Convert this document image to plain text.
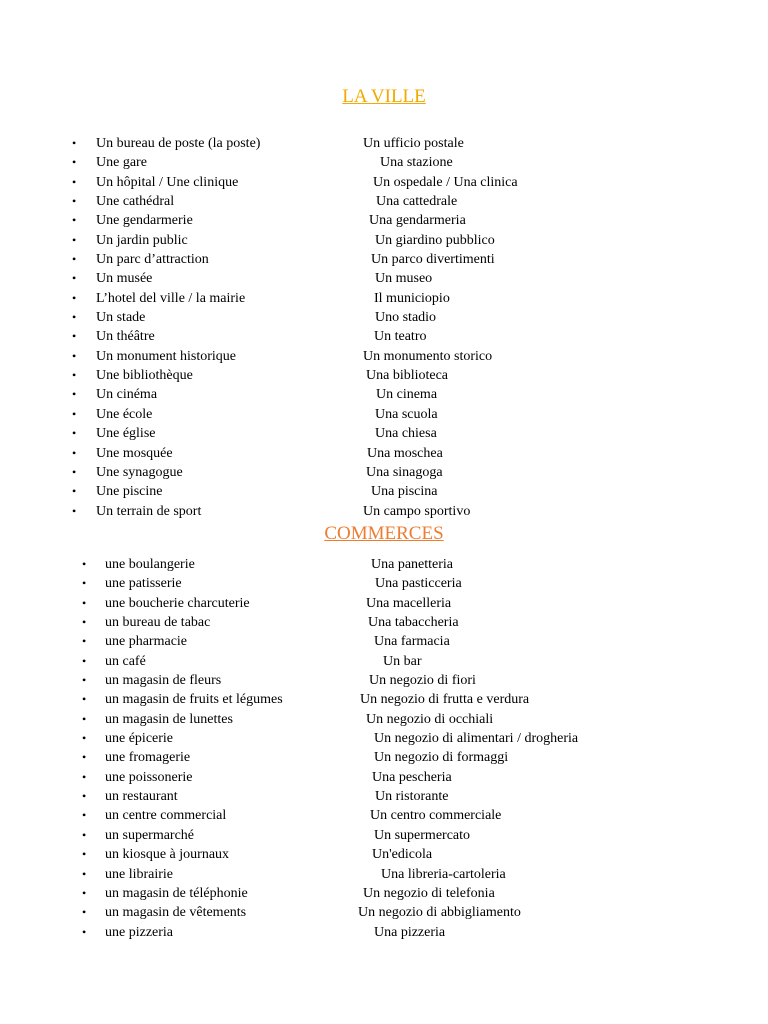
LA VILLE
• Un bureau de poste (la poste)	Un ufficio postale
• Une gare	Una stazione
• Un hôpital / Une clinique	Un ospedale / Una clinica
• Une cathédral	Una cattedrale
• Une gendarmerie	Una gendarmeria
• Un jardin public	Un giardino pubblico
• Un parc d’attraction	Un parco divertimenti
• Un musée	Un museo
• L’hotel del ville / la mairie	Il municiopio
• Un stade	Uno stadio
• Un théâtre	Un teatro
• Un monument historique	Un monumento storico
• Une bibliothèque	Una biblioteca
• Un cinéma	Un cinema
• Une école	Una scuola
• Une église	Una chiesa
• Une mosquée	Una moschea
• Une synagogue	Una sinagoga
• Une piscine	Una piscina
• Un terrain de sport	Un campo sportivo
COMMERCES
• une boulangerie	Una panetteria
• une patisserie	Una pasticceria
• une boucherie charcuterie	Una macelleria
• un bureau de tabac	Una tabaccheria
• une pharmacie	Una farmacia
• un café	Un bar
• un magasin de fleurs	Un negozio di fiori
• un magasin de fruits et légumes	Un negozio di frutta e verdura
• un magasin de lunettes	Un negozio di occhiali
• une épicerie	Un negozio di alimentari / drogheria
• une fromagerie	Un negozio di formaggi
• une poissonerie	Una pescheria
• un restaurant	Un ristorante
• un centre commercial	Un centro commerciale
• un supermarché	Un supermercato
• un kiosque à journaux	Un'edicola
• une librairie	Una libreria-cartoleria
• un magasin de téléphonie	Un negozio di telefonia
• un magasin de vêtements	Un negozio di abbigliamento
• une pizzeria	Una pizzeria
